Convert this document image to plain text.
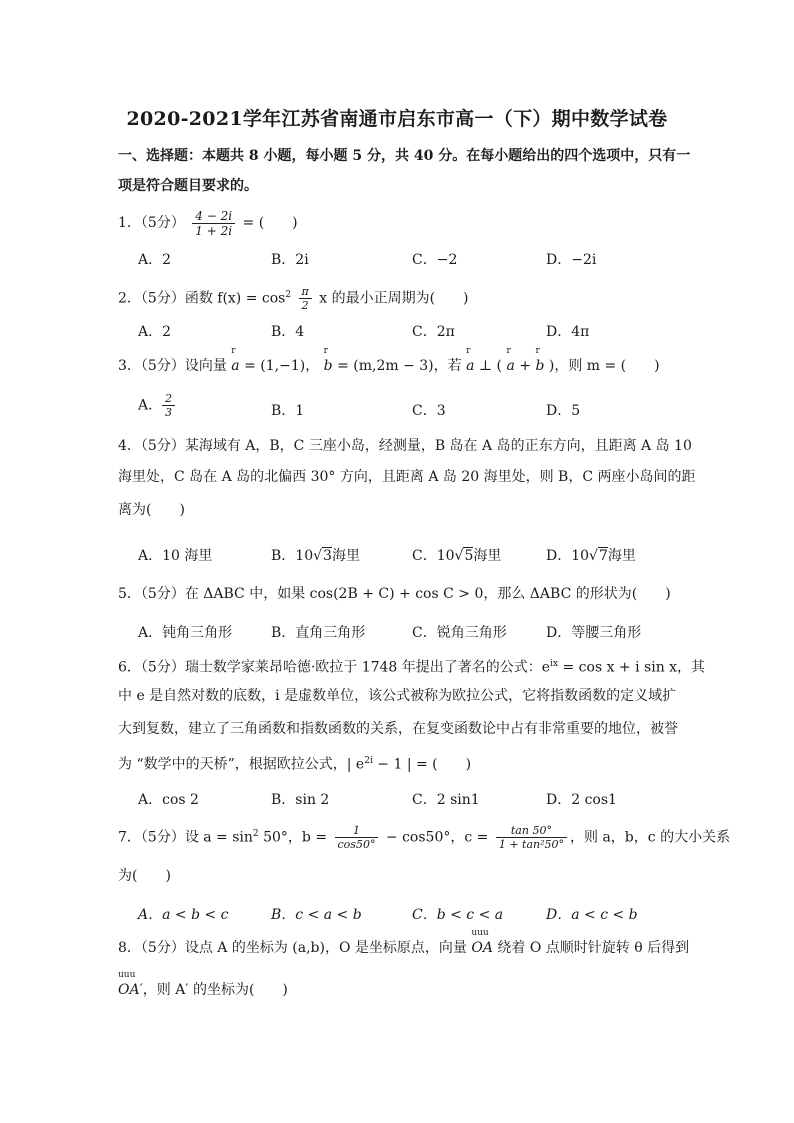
2020-2021学年江苏省南通市启东市高一（下）期中数学试卷
一、选择题：本题共 8 小题，每小题 5 分，共 40 分。在每小题给出的四个选项中，只有一
项是符合题目要求的。
1．（5分） $\frac{4 - 2i}{1 + 2i}$ = (　　)
A．2	B．2i	C．−2	D．−2i
2．（5分）函数 $f(x) = \cos^2 \frac{\pi}{2}$ x 的最小正周期为(　　)
A．2	B．4	C．2π	D．4π
3．（5分）设向量
r
a = (1,−1)，
r
b = (m,2m − 3)，若
r
a ⊥ (
r
a +
r
b )，则 m = (　　)
A． $\frac{2}{3}$	B．1	C．3	D．5
4．（5分）某海域有 A，B，C 三座小岛，经测量，B 岛在 A 岛的正东方向，且距离 A 岛 10
海里处，C 岛在 A 岛的北偏西 30° 方向，且距离 A 岛 20 海里处，则 B，C 两座小岛间的距
离为(　　)
A．10 海里	B．10√3海里	C．10√5海里	D．10√7海里
5．（5分）在 ΔABC 中，如果 cos(2B + C) + cos C > 0，那么 ΔABC 的形状为(　　)
A．钝角三角形	B．直角三角形	C．锐角三角形	D．等腰三角形
6．（5分）瑞士数学家莱昂哈德·欧拉于 1748 年提出了著名的公式：$e^{ix} = \cos x + i$ sin x，其
中 e 是自然对数的底数，i 是虚数单位，该公式被称为欧拉公式，它将指数函数的定义域扩
大到复数，建立了三角函数和指数函数的关系，在复变函数论中占有非常重要的地位，被誉
为 “数学中的天桥”，根据欧拉公式，| $e^{2i} - 1$ | = (　　)
A．cos 2	B．sin 2	C．2 sin1	D．2 cos1
7．（5分）设 $a = \sin^2 50^\circ$，$b = \frac{1}{\cos 50^\circ} - \cos 50^\circ$，$c = \frac{\tan 50^\circ}{\text{1 + tan²50°}}$ ，则 a，b，c 的大小关系
为(　　)
A．a < b < c	B．c < a < b	C．b < c < a	D．a < c < b
8．（5分）设点 A 的坐标为 (a,b)，O 是坐标原点，向量
uuu
OA 绕着 O 点顺时针旋转 θ 后得到
uuu
OA′，则 A′ 的坐标为(　　)
